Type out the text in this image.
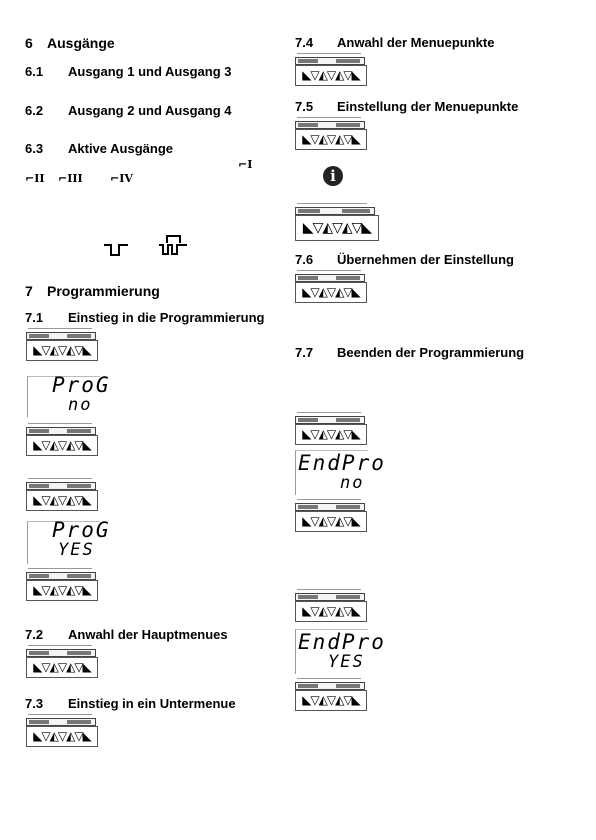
6 Ausgänge
6.1 Ausgang 1 und Ausgang 3
6.2 Ausgang 2 und Ausgang 4
6.3 Aktive Ausgänge
⌐I
⌐II ⌐III ⌐IV
7 Programmierung
7.1 Einstieg in die Programmierung
◣▽◭▽◭▽◣

ProG

no

◣▽◭▽◭▽◣
◣▽◭▽◭▽◣

ProG

YES

◣▽◭▽◭▽◣
7.2 Anwahl der Hauptmenues
◣▽◭▽◭▽◣
7.3 Einstieg in ein Untermenue
◣▽◭▽◭▽◣
7.4 Anwahl der Menuepunkte
◣▽◭▽◭▽◣
7.5 Einstellung der Menuepunkte
◣▽◭▽◭▽◣
i
◣▽◭▽◭▽◣
7.6 Übernehmen der Einstellung
◣▽◭▽◭▽◣
7.7 Beenden der Programmierung
◣▽◭▽◭▽◣

EndPro

no

◣▽◭▽◭▽◣
◣▽◭▽◭▽◣

EndPro

YES

◣▽◭▽◭▽◣
